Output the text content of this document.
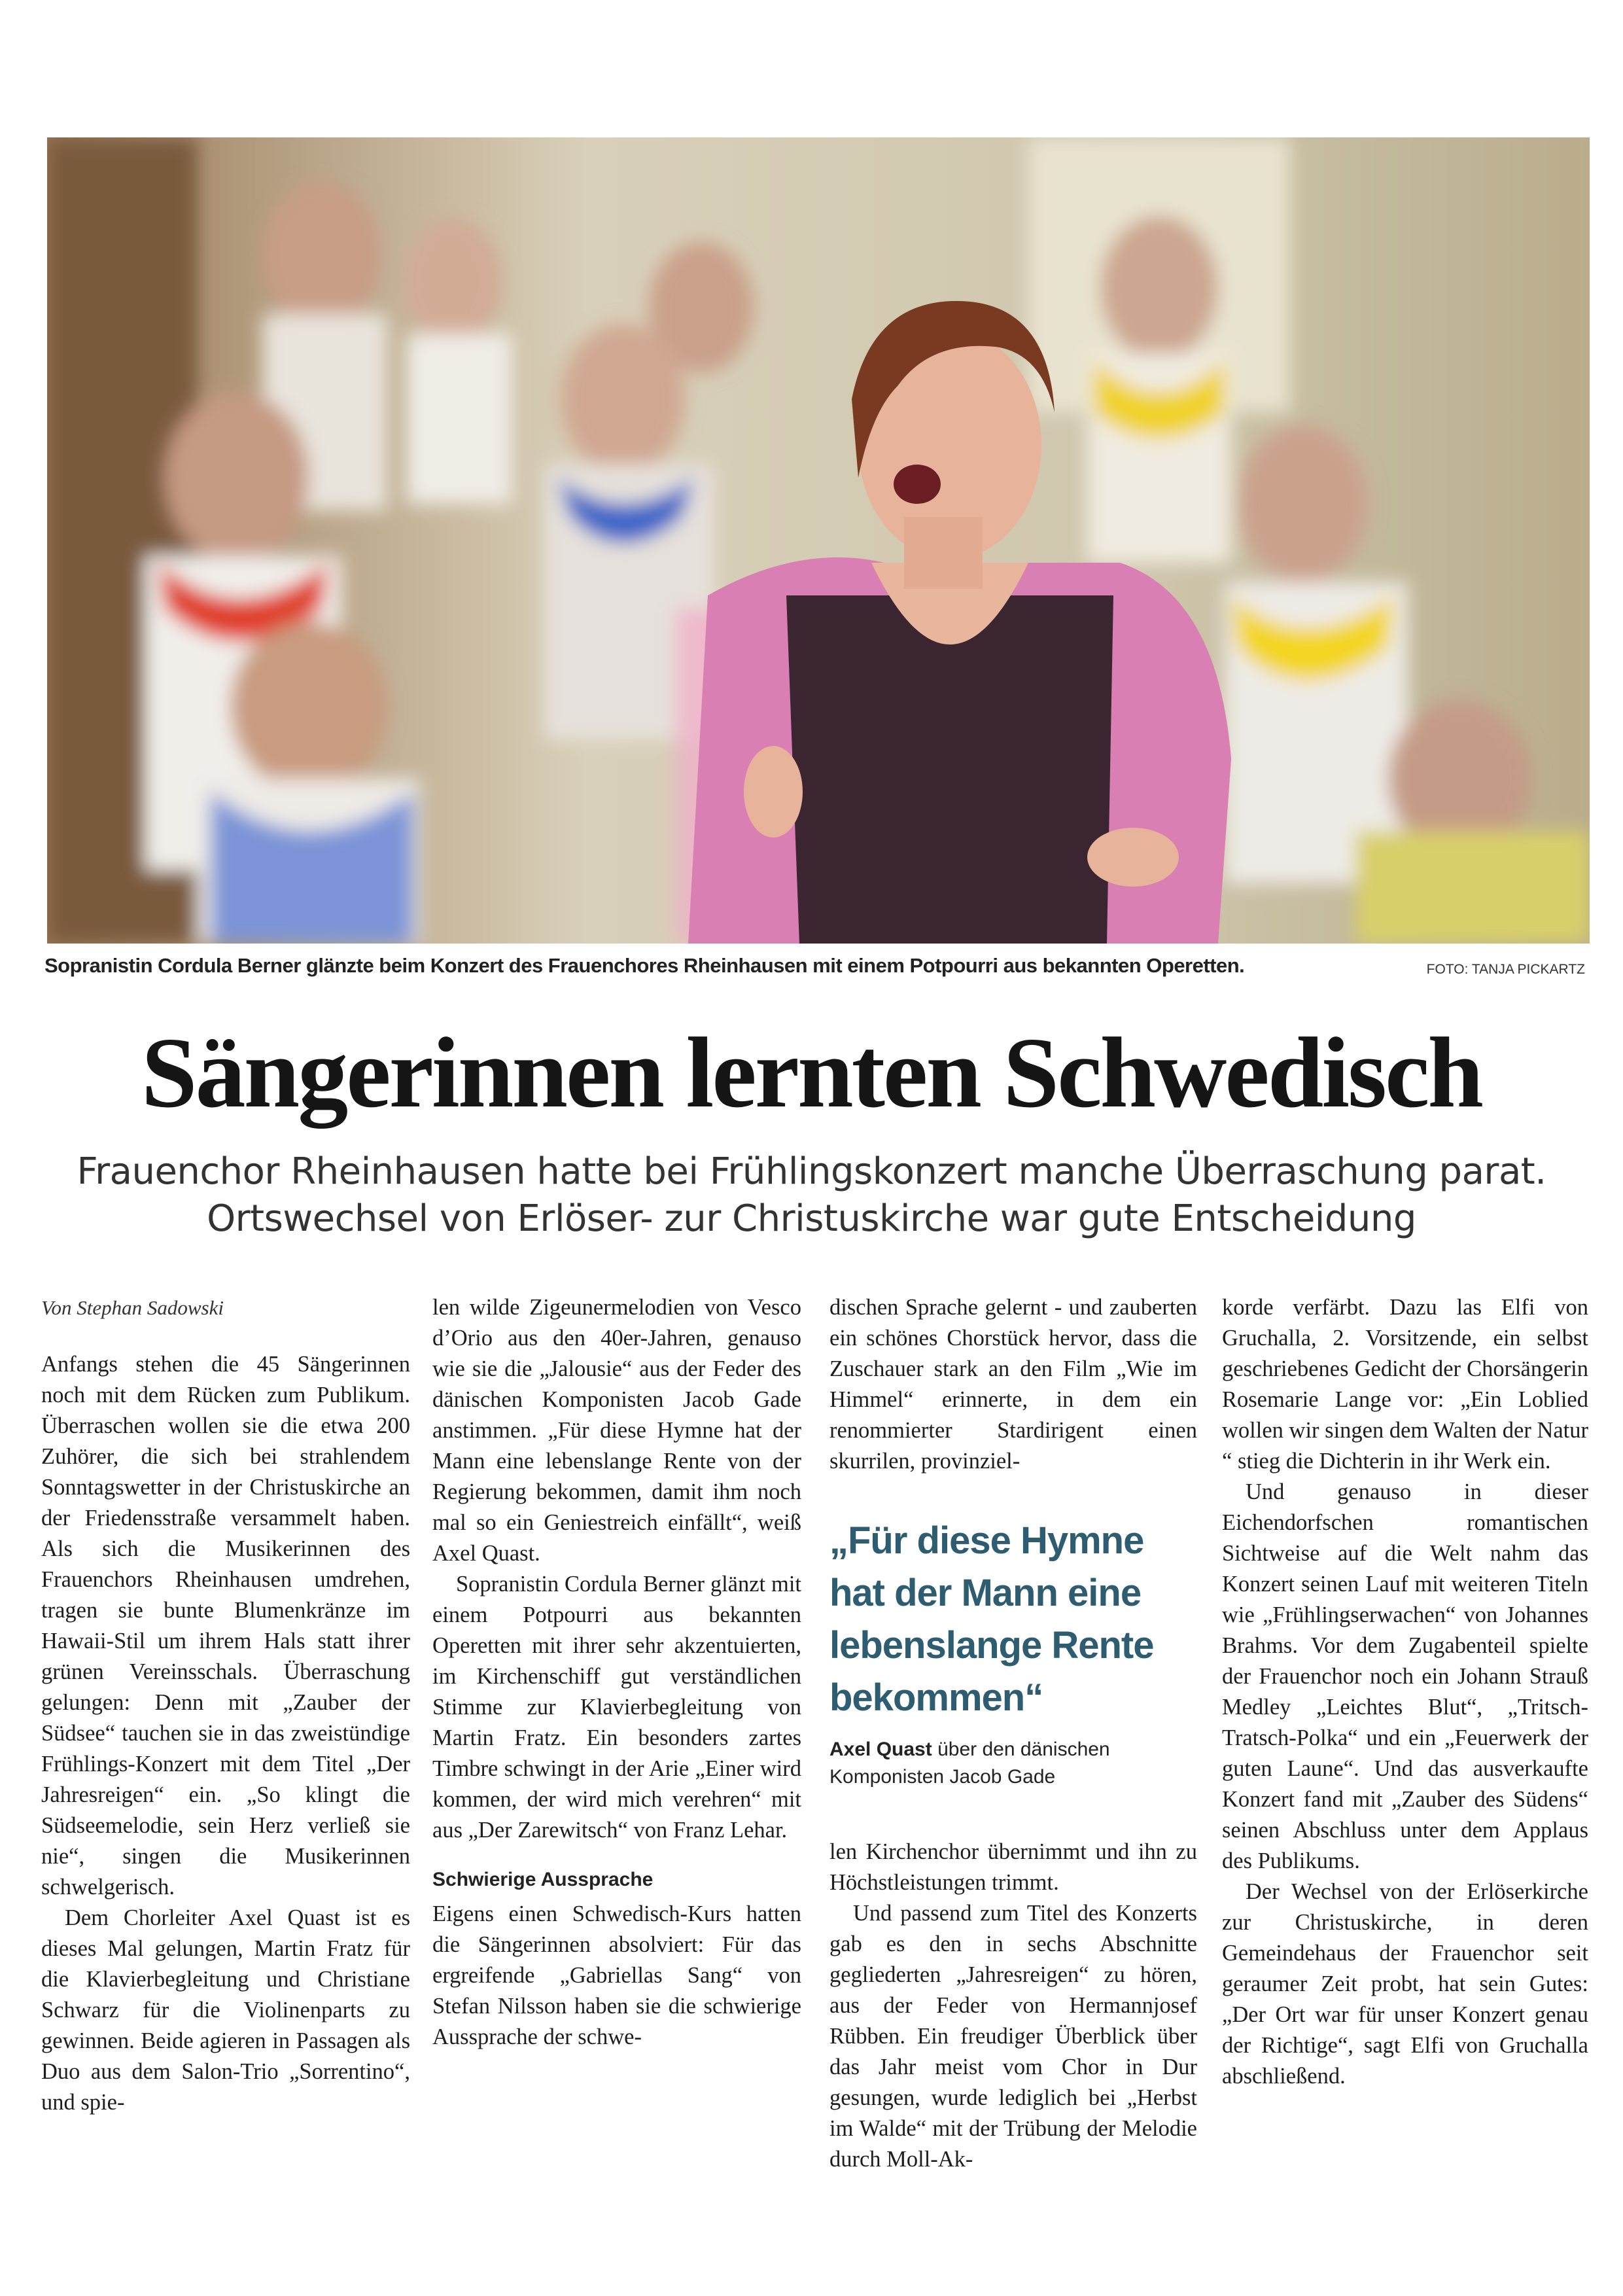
Sopranistin Cordula Berner glänzte beim Konzert des Frauenchores Rheinhausen mit einem Potpourri aus bekannten Operetten.	FOTO: TANJA PICKARTZ
Sängerinnen lernten Schwedisch
Frauenchor Rheinhausen hatte bei Frühlingskonzert manche Überraschung parat.
Ortswechsel von Erlöser- zur Christuskirche war gute Entscheidung

Von Stephan Sadowski

Anfangs stehen die 45 Sängerinnen noch mit dem Rücken zum Publikum. Überraschen wollen sie die etwa 200 Zuhörer, die sich bei strahlendem Sonntagswetter in der Christuskirche an der Friedensstraße versammelt haben. Als sich die Musikerinnen des Frauenchors Rheinhausen umdrehen, tragen sie bunte Blumenkränze im Hawaii-Stil um ihrem Hals statt ihrer grünen Vereinsschals. Überraschung gelungen: Denn mit „Zauber der Südsee“ tauchen sie in das zweistündige Frühlings-Konzert mit dem Titel „Der Jahresreigen“ ein. „So klingt die Südseemelodie, sein Herz verließ sie nie“, singen die Musikerinnen schwelgerisch.

Dem Chorleiter Axel Quast ist es dieses Mal gelungen, Martin Fratz für die Klavierbegleitung und Christiane Schwarz für die Violinenparts zu gewinnen. Beide agieren in Passagen als Duo aus dem Salon-Trio „Sorrentino“, und spie-

len wilde Zigeunermelodien von Vesco d’Orio aus den 40er-Jahren, genauso wie sie die „Jalousie“ aus der Feder des dänischen Komponisten Jacob Gade anstimmen. „Für diese Hymne hat der Mann eine lebenslange Rente von der Regierung bekommen, damit ihm noch mal so ein Geniestreich einfällt“, weiß Axel Quast.

Sopranistin Cordula Berner glänzt mit einem Potpourri aus bekannten Operetten mit ihrer sehr akzentuierten, im Kirchenschiff gut verständlichen Stimme zur Klavierbegleitung von Martin Fratz. Ein besonders zartes Timbre schwingt in der Arie „Einer wird kommen, der wird mich verehren“ mit aus „Der Zarewitsch“ von Franz Lehar.

Schwierige Aussprache

Eigens einen Schwedisch-Kurs hatten die Sängerinnen absolviert: Für das ergreifende „Gabriellas Sang“ von Stefan Nilsson haben sie die schwierige Aussprache der schwe-

dischen Sprache gelernt - und zauberten ein schönes Chorstück hervor, dass die Zuschauer stark an den Film „Wie im Himmel“ erinnerte, in dem ein renommierter Stardirigent einen skurrilen, provinziel-

„Für diese Hymne hat der Mann eine lebenslange Rente bekommen“
Axel Quast über den dänischen Komponisten Jacob Gade

len Kirchenchor übernimmt und ihn zu Höchstleistungen trimmt.

Und passend zum Titel des Konzerts gab es den in sechs Abschnitte gegliederten „Jahresreigen“ zu hören, aus der Feder von Hermannjosef Rübben. Ein freudiger Überblick über das Jahr meist vom Chor in Dur gesungen, wurde lediglich bei „Herbst im Walde“ mit der Trübung der Melodie durch Moll-Ak-

korde verfärbt. Dazu las Elfi von Gruchalla, 2. Vorsitzende, ein selbst geschriebenes Gedicht der Chorsängerin Rosemarie Lange vor: „Ein Loblied wollen wir singen dem Walten der Natur “ stieg die Dichterin in ihr Werk ein.

Und genauso in dieser Eichendorfschen romantischen Sichtweise auf die Welt nahm das Konzert seinen Lauf mit weiteren Titeln wie „Frühlingserwachen“ von Johannes Brahms. Vor dem Zugabenteil spielte der Frauenchor noch ein Johann Strauß Medley „Leichtes Blut“, „Tritsch-Tratsch-Polka“ und ein „Feuerwerk der guten Laune“. Und das ausverkaufte Konzert fand mit „Zauber des Südens“ seinen Abschluss unter dem Applaus des Publikums.

Der Wechsel von der Erlöserkirche zur Christuskirche, in deren Gemeindehaus der Frauenchor seit geraumer Zeit probt, hat sein Gutes: „Der Ort war für unser Konzert genau der Richtige“, sagt Elfi von Gruchalla abschließend.
